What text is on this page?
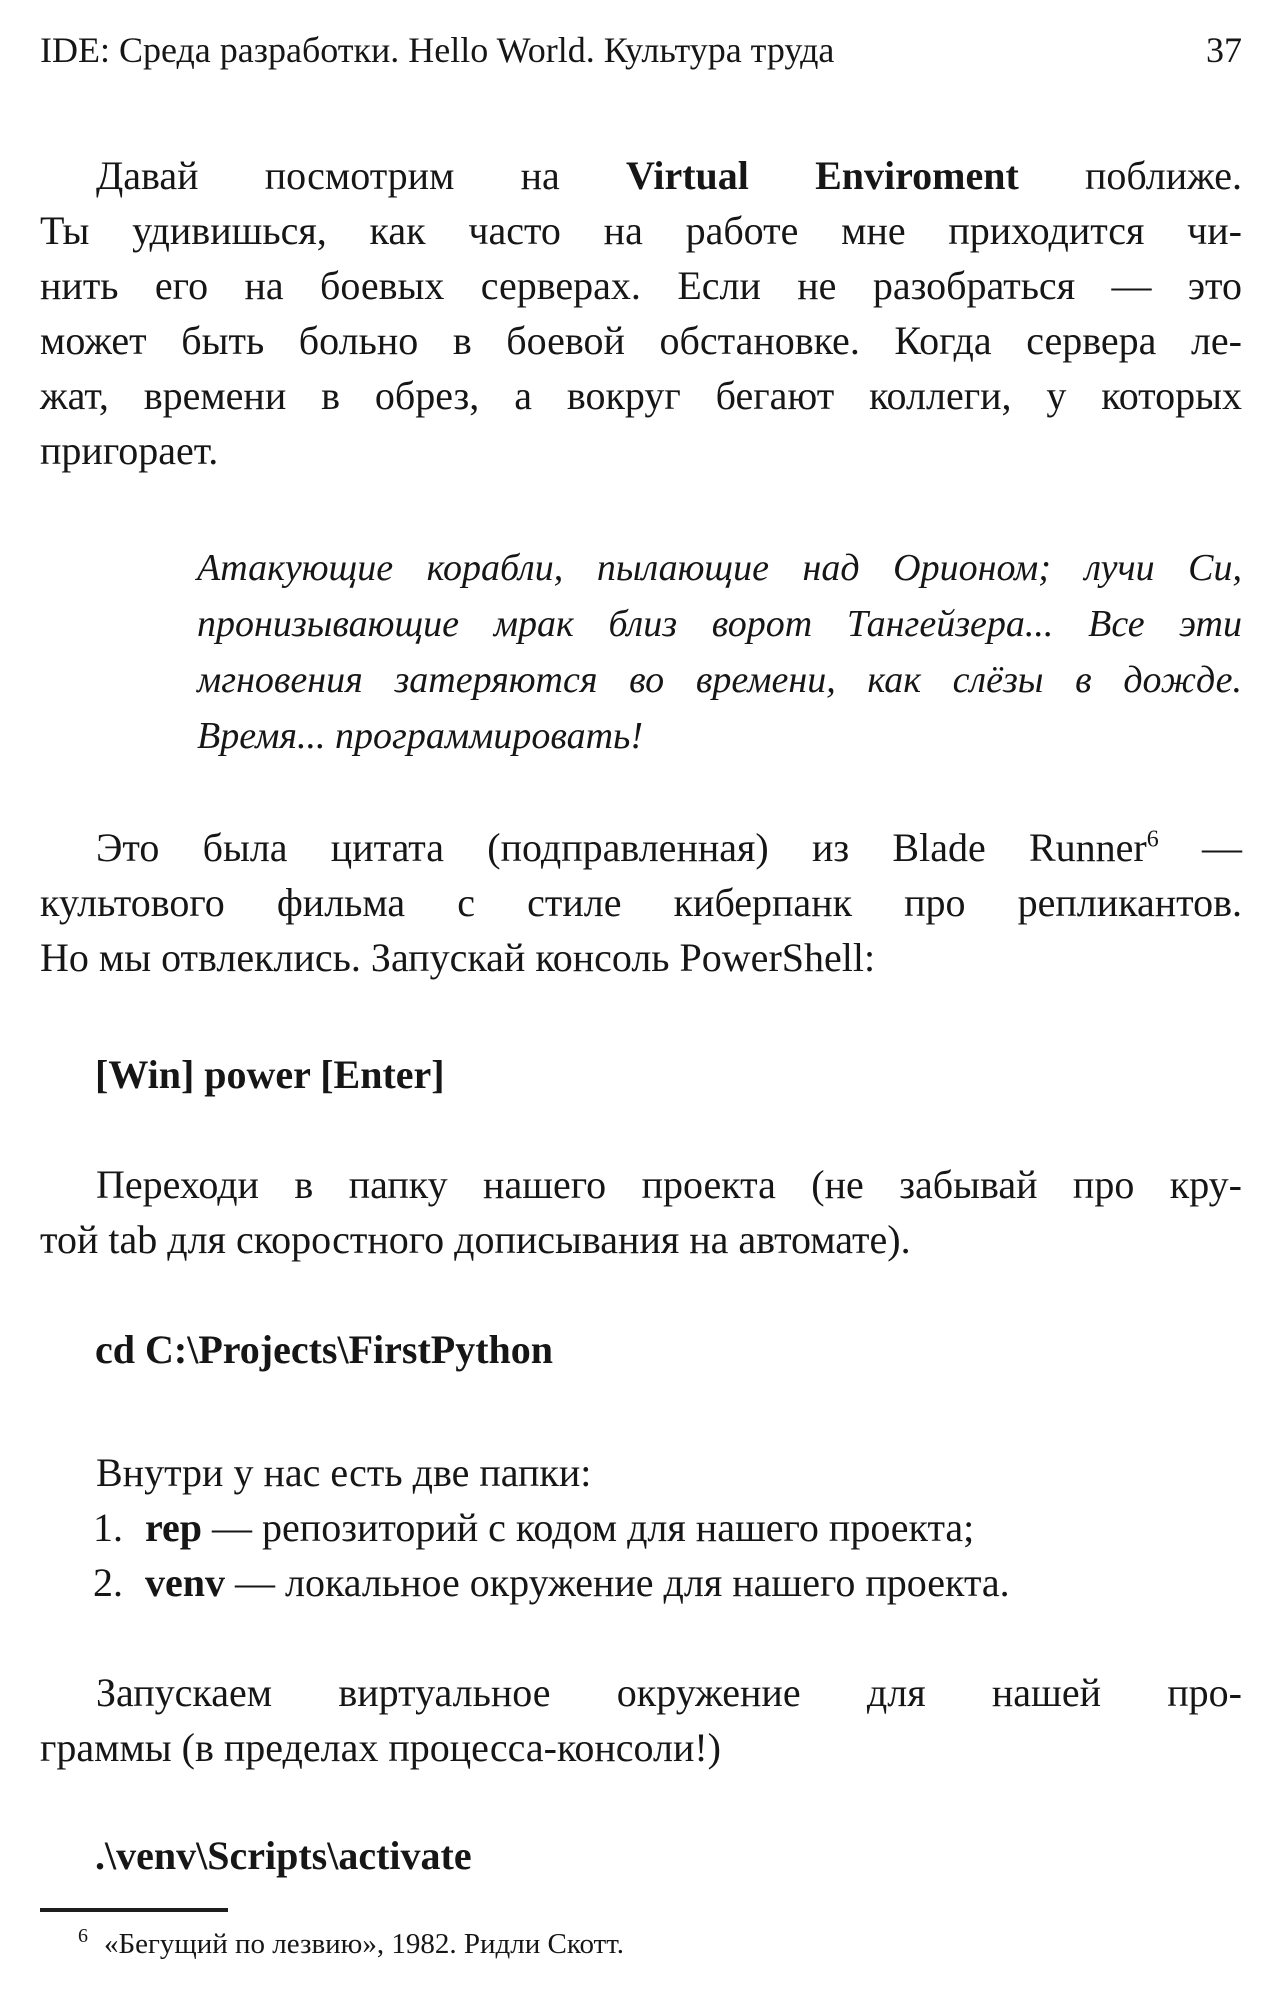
IDE: Среда разработки. Hello World. Культура труда	37
Давай посмотрим на Virtual Enviroment поближе.
Ты удивишься, как часто на работе мне приходится чи-
нить его на боевых серверах. Если не разобраться — это
может быть больно в боевой обстановке. Когда сервера ле-
жат, времени в обрез, а вокруг бегают коллеги, у которых
пригорает.
Атакующие корабли, пылающие над Орионом; лучи Си,
пронизывающие мрак близ ворот Тангейзера... Все эти
мгновения затеряются во времени, как слёзы в дожде.
Время... программировать!
Это была цитата (подправленная) из Blade Runner$^6$ —
культового фильма с стиле киберпанк про репликантов.
Но мы отвлеклись. Запускай консоль PowerShell:
[Win] power [Enter]
Переходи в папку нашего проекта (не забывай про кру-
той tab для скоростного дописывания на автомате).
cd C:\Projects\FirstPython
Внутри у нас есть две папки:
1. rep — репозиторий с кодом для нашего проекта;
2. venv — локальное окружение для нашего проекта.
Запускаем виртуальное окружение для нашей про-
граммы (в пределах процесса-консоли!)
.\venv\Scripts\activate
$^6$ «Бегущий по лезвию», 1982. Ридли Скотт.
